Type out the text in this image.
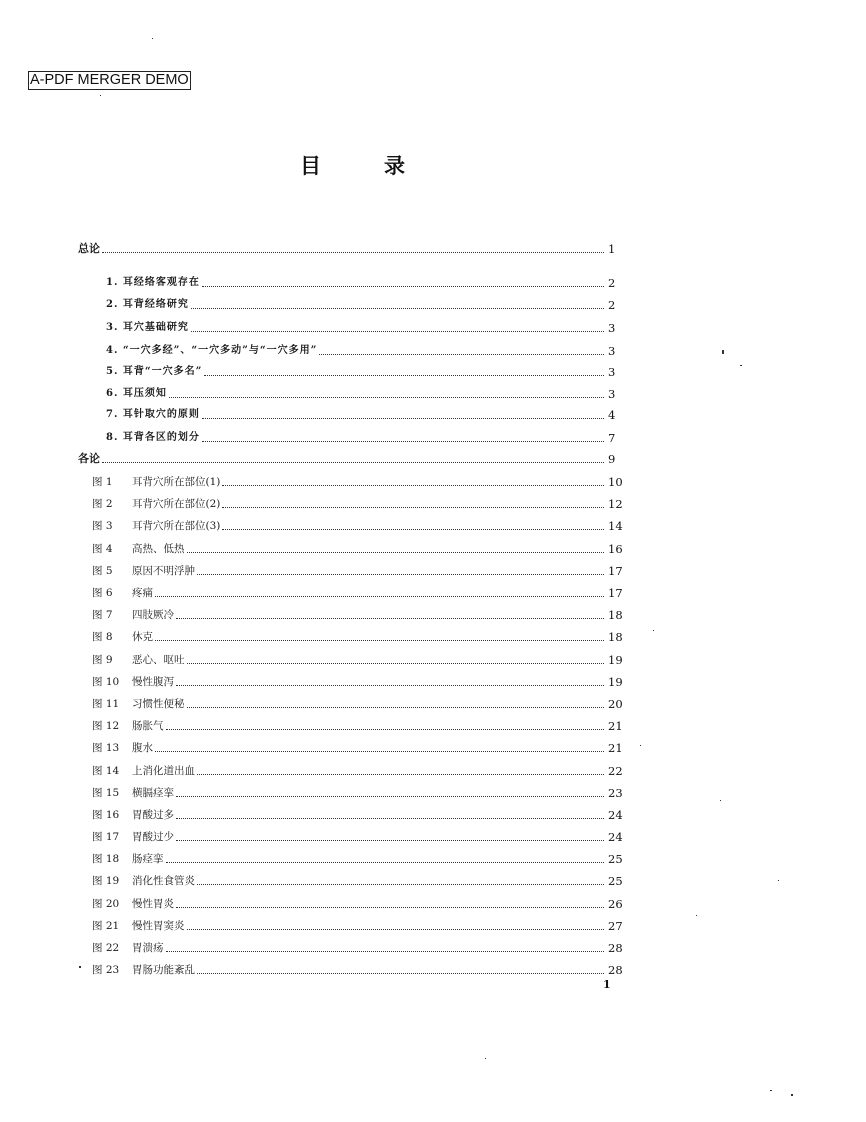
A-PDF MERGER DEMO
目	录
总论	1
1. 耳经络客观存在	2
2. 耳背经络研究	2
3. 耳穴基础研究	3
4. “一穴多经”、“一穴多动”与“一穴多用”	3
5. 耳背“一穴多名”	3
6. 耳压须知	3
7. 耳针取穴的原则	4
8. 耳背各区的划分	7
各论	9
图 1	耳背穴所在部位(1)	10
图 2	耳背穴所在部位(2)	12
图 3	耳背穴所在部位(3)	14
图 4	高热、低热	16
图 5	原因不明浮肿	17
图 6	疼痛	17
图 7	四肢厥冷	18
图 8	休克	18
图 9	恶心、呕吐	19
图 10	慢性腹泻	19
图 11	习惯性便秘	20
图 12	肠胀气	21
图 13	腹水	21
图 14	上消化道出血	22
图 15	横膈痉挛	23
图 16	胃酸过多	24
图 17	胃酸过少	24
图 18	肠痉挛	25
图 19	消化性食管炎	25
图 20	慢性胃炎	26
图 21	慢性胃窦炎	27
图 22	胃溃疡	28
图 23	胃肠功能紊乱	28
1
